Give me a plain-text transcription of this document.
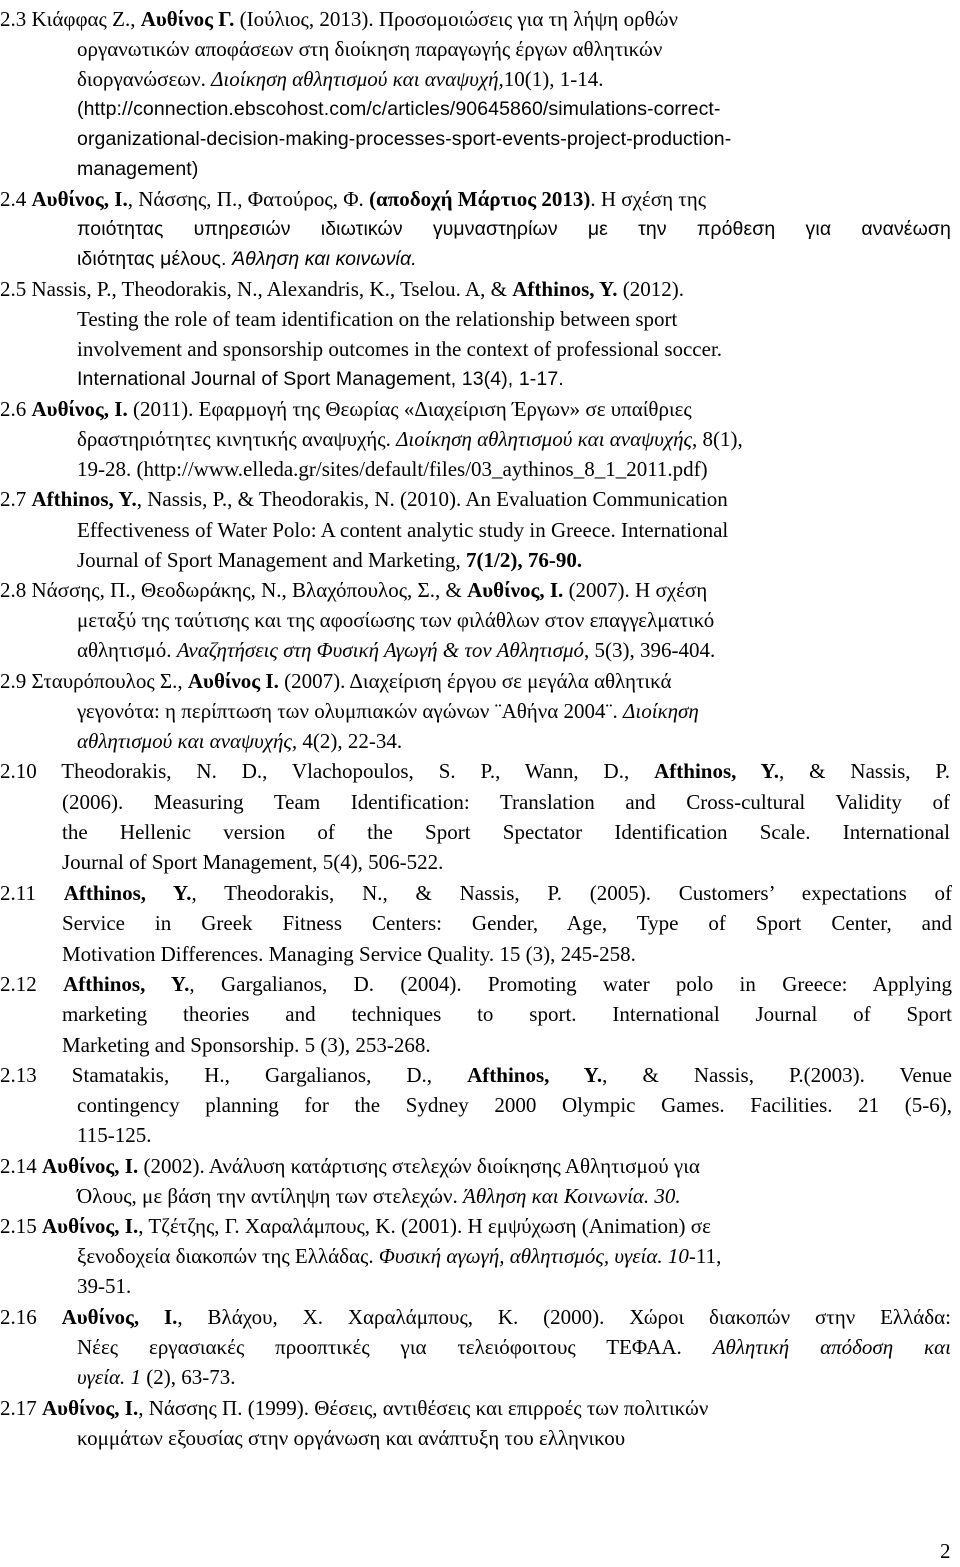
2.3 Κιάφφας Ζ., Αυθίνος Γ. (Ιούλιος, 2013). Προσομοιώσεις για τη λήψη ορθών
οργανωτικών αποφάσεων στη διοίκηση παραγωγής έργων αθλητικών
διοργανώσεων. Διοίκηση αθλητισμού και αναψυχή,10(1), 1-14.
(http://connection.ebscohost.com/c/articles/90645860/simulations-correct-
organizational-decision-making-processes-sport-events-project-production-
management)
2.4 Αυθίνος, Ι., Νάσσης, Π., Φατούρος, Φ. (αποδοχή Μάρτιος 2013). Η σχέση της
ποιότητας υπηρεσιών ιδιωτικών γυμναστηρίων με την πρόθεση για ανανέωση
ιδιότητας μέλους. Άθληση και κοινωνία.
2.5 Nassis, P., Theodorakis, N., Alexandris, K., Tselou. A, & Afthinos, Y. (2012).
Testing the role of team identification on the relationship between sport
involvement and sponsorship outcomes in the context of professional soccer.
International Journal of Sport Management, 13(4), 1-17.
2.6 Αυθίνος, Ι. (2011). Εφαρμογή της Θεωρίας «Διαχείριση Έργων» σε υπαίθριες
δραστηριότητες κινητικής αναψυχής. Διοίκηση αθλητισμού και αναψυχής, 8(1),
19-28. (http://www.elleda.gr/sites/default/files/03_aythinos_8_1_2011.pdf)
2.7 Afthinos, Y., Nassis, P., & Theodorakis, N. (2010). An Evaluation Communication
Effectiveness of Water Polo: A content analytic study in Greece. International
Journal of Sport Management and Marketing, 7(1/2), 76-90.
2.8 Νάσσης, Π., Θεοδωράκης, Ν., Βλαχόπουλος, Σ., & Αυθίνος, Ι. (2007). Η σχέση
μεταξύ της ταύτισης και της αφοσίωσης των φιλάθλων στον επαγγελματικό
αθλητισμό. Αναζητήσεις στη Φυσική Αγωγή & τον Αθλητισμό, 5(3), 396-404.
2.9 Σταυρόπουλος Σ., Αυθίνος Ι. (2007). Διαχείριση έργου σε μεγάλα αθλητικά
γεγονότα: η περίπτωση των ολυμπιακών αγώνων ¨Αθήνα 2004¨. Διοίκηση
αθλητισμού και αναψυχής, 4(2), 22-34.
2.10 Theodorakis, N. D., Vlachopoulos, S. P., Wann, D., Afthinos, Y., & Nassis, P.
(2006). Measuring Team Identification: Translation and Cross-cultural Validity of
the Hellenic version of the Sport Spectator Identification Scale. International
Journal of Sport Management, 5(4), 506-522.
2.11 Afthinos, Y., Theodorakis, N., & Nassis, P. (2005). Customers’ expectations of
Service in Greek Fitness Centers: Gender, Age, Type of Sport Center, and
Motivation Differences. Managing Service Quality. 15 (3), 245-258.
2.12 Afthinos, Y., Gargalianos, D. (2004). Promoting water polo in Greece: Applying
marketing theories and techniques to sport. International Journal of Sport
Marketing and Sponsorship. 5 (3), 253-268.
2.13 Stamatakis, H., Gargalianos, D., Afthinos, Y., & Nassis, P.(2003). Venue
contingency planning for the Sydney 2000 Olympic Games. Facilities. 21 (5-6),
115-125.
2.14 Αυθίνος, Ι. (2002). Ανάλυση κατάρτισης στελεχών διοίκησης Αθλητισμού για
Όλους, με βάση την αντίληψη των στελεχών. Άθληση και Κοινωνία. 30.
2.15 Αυθίνος, Ι., Τζέτζης, Γ. Χαραλάμπους, Κ. (2001). Η εμψύχωση (Animation) σε
ξενοδοχεία διακοπών της Ελλάδας. Φυσική αγωγή, αθλητισμός, υγεία. 10-11,
39-51.
2.16 Αυθίνος, Ι., Βλάχου, Χ. Χαραλάμπους, Κ. (2000). Χώροι διακοπών στην Ελλάδα:
Νέες εργασιακές προοπτικές για τελειόφοιτους ΤΕΦΑΑ. Αθλητική απόδοση και
υγεία. 1 (2), 63-73.
2.17 Αυθίνος, Ι., Νάσσης Π. (1999). Θέσεις, αντιθέσεις και επιρροές των πολιτικών
κομμάτων εξουσίας στην οργάνωση και ανάπτυξη του ελληνικου
2
